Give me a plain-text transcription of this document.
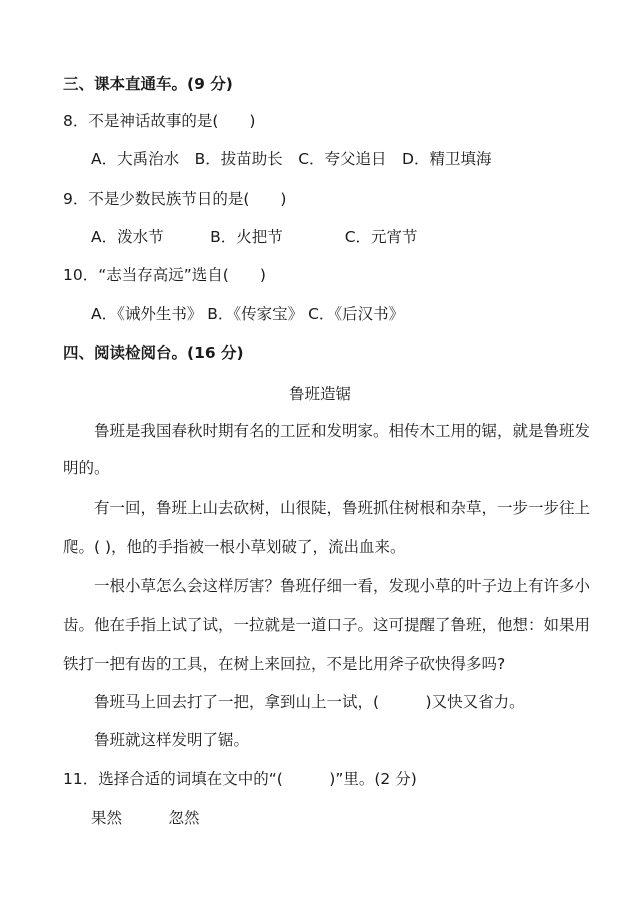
三、课本直通车。(9 分)
8．不是神话故事的是(　　)
A．大禹治水　B．拔苗助长　C．夸父追日　D．精卫填海
9．不是少数民族节日的是(　　)
A．泼水节　　　B．火把节　　　　C．元宵节
10．“志当存高远”选自(　　)
A．《诫外生书》 B．《传家宝》 C．《后汉书》
四、阅读检阅台。(16 分)
鲁班造锯
　　鲁班是我国春秋时期有名的工匠和发明家。相传木工用的锯，就是鲁班发
明的。
　　有一回，鲁班上山去砍树，山很陡，鲁班抓住树根和杂草，一步一步往上
爬。( )，他的手指被一根小草划破了，流出血来。
　　一根小草怎么会这样厉害？鲁班仔细一看，发现小草的叶子边上有许多小
齿。他在手指上试了试，一拉就是一道口子。这可提醒了鲁班，他想：如果用
铁打一把有齿的工具，在树上来回拉，不是比用斧子砍快得多吗?
　　鲁班马上回去打了一把，拿到山上一试，(　　　)又快又省力。
　　鲁班就这样发明了锯。
11．选择合适的词填在文中的“(　　　)”里。(2 分)
果然　　　忽然
